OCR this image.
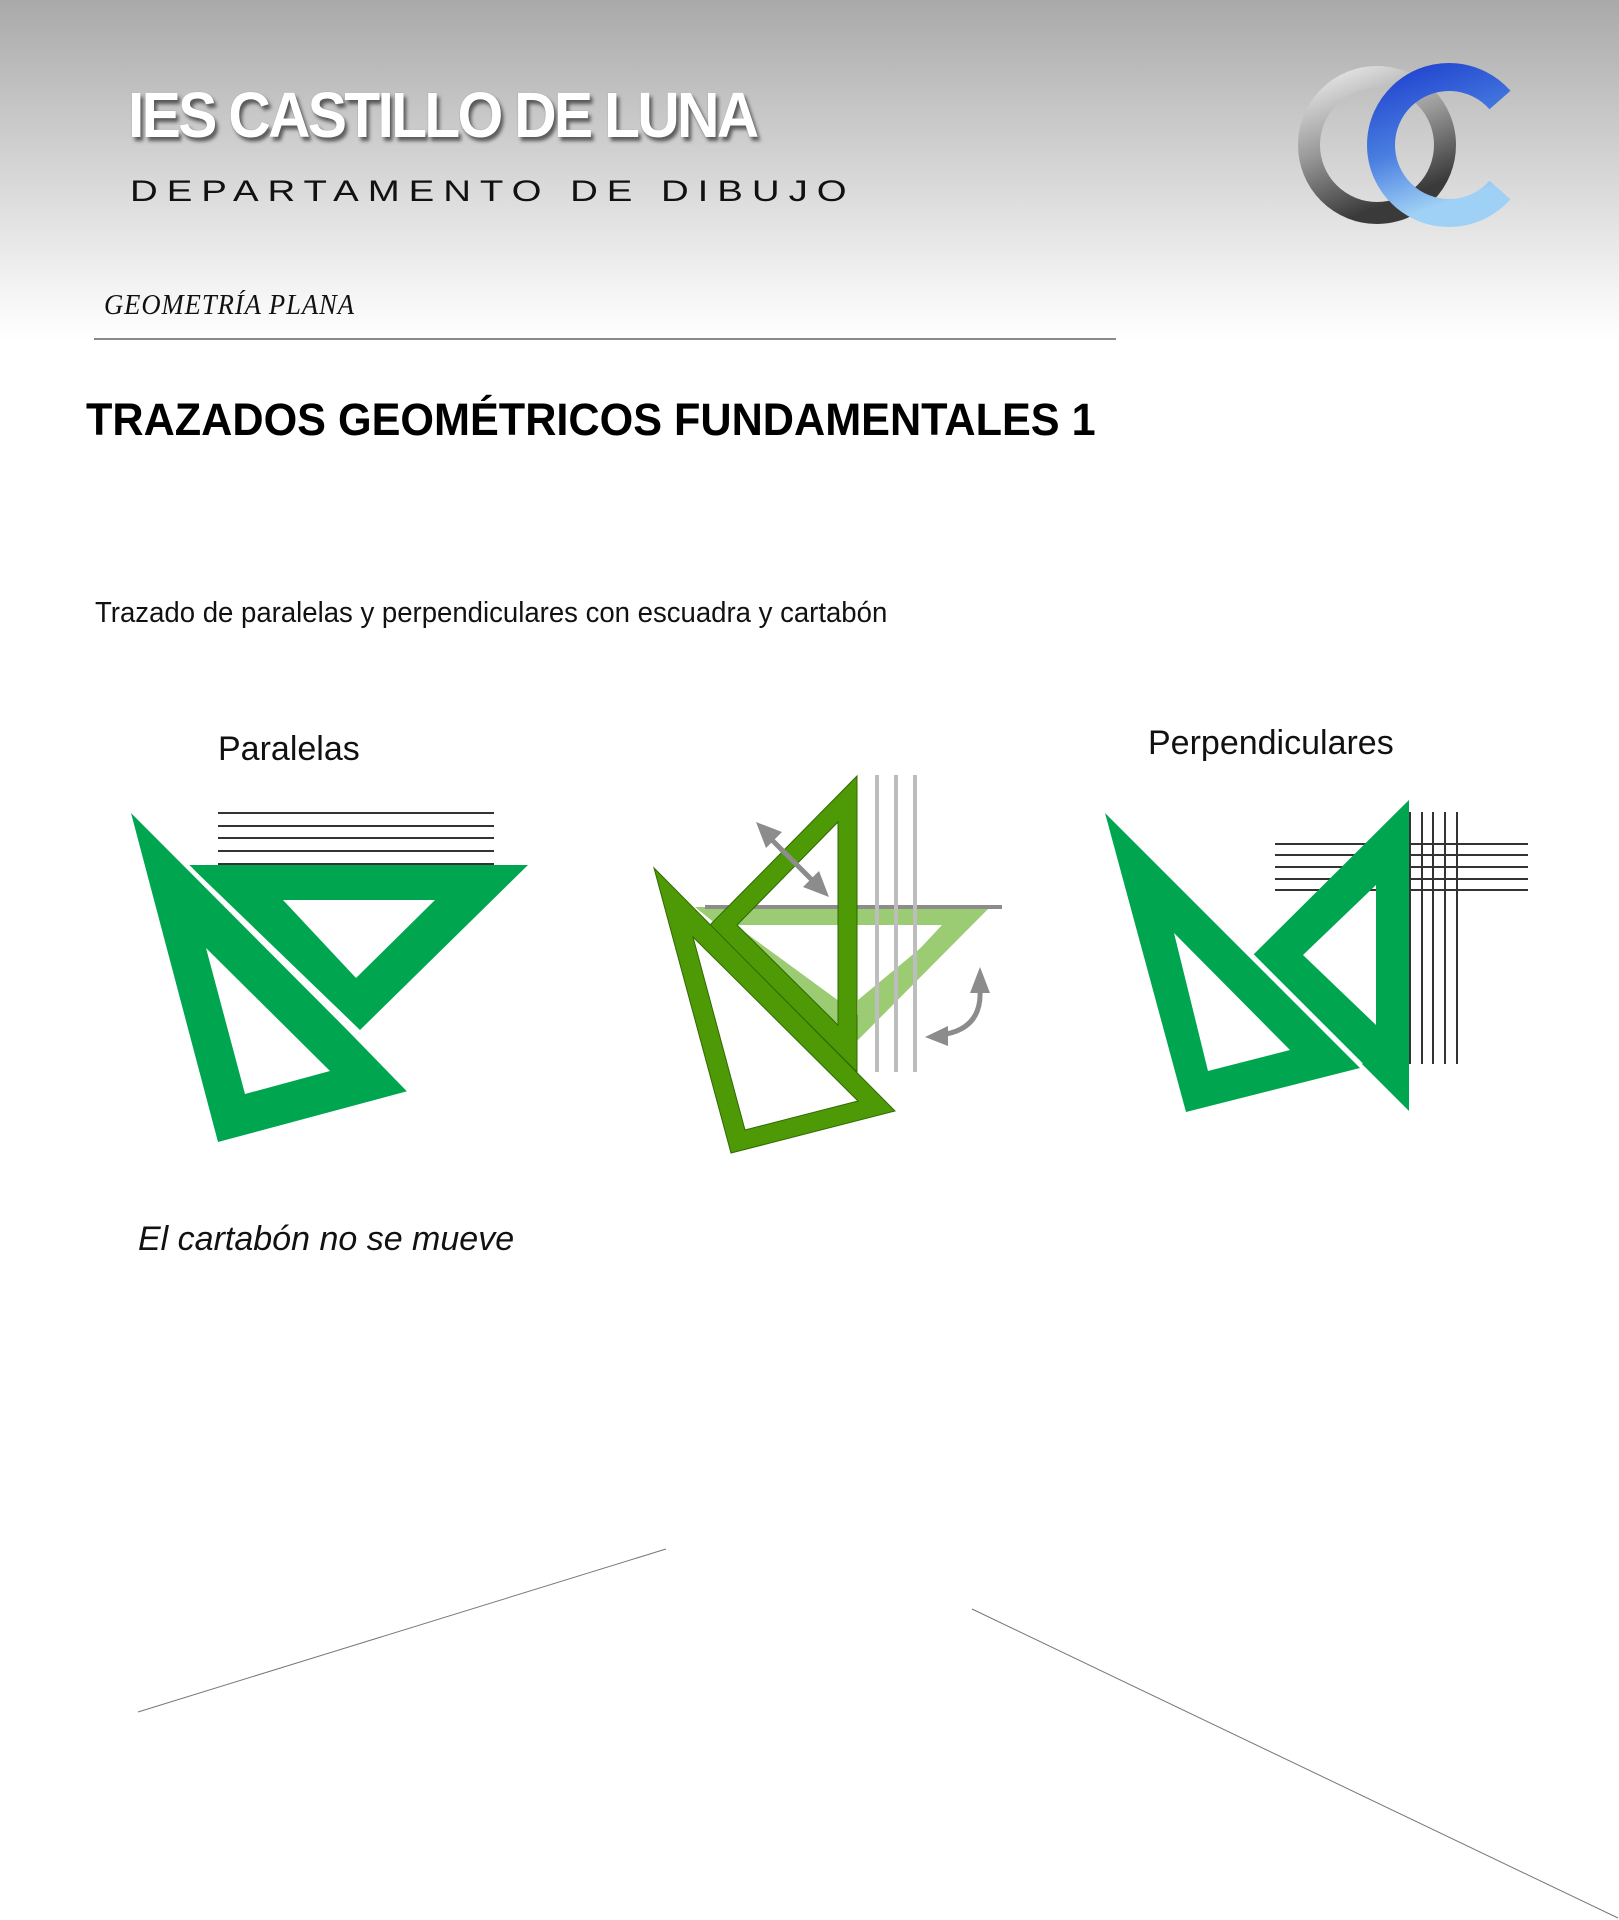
IES CASTILLO DE LUNA
DEPARTAMENTO DE DIBUJO
GEOMETRÍA PLANA
TRAZADOS GEOMÉTRICOS FUNDAMENTALES 1
Trazado de paralelas y perpendiculares con escuadra y cartabón
Paralelas	Perpendiculares
El cartabón no se mueve
